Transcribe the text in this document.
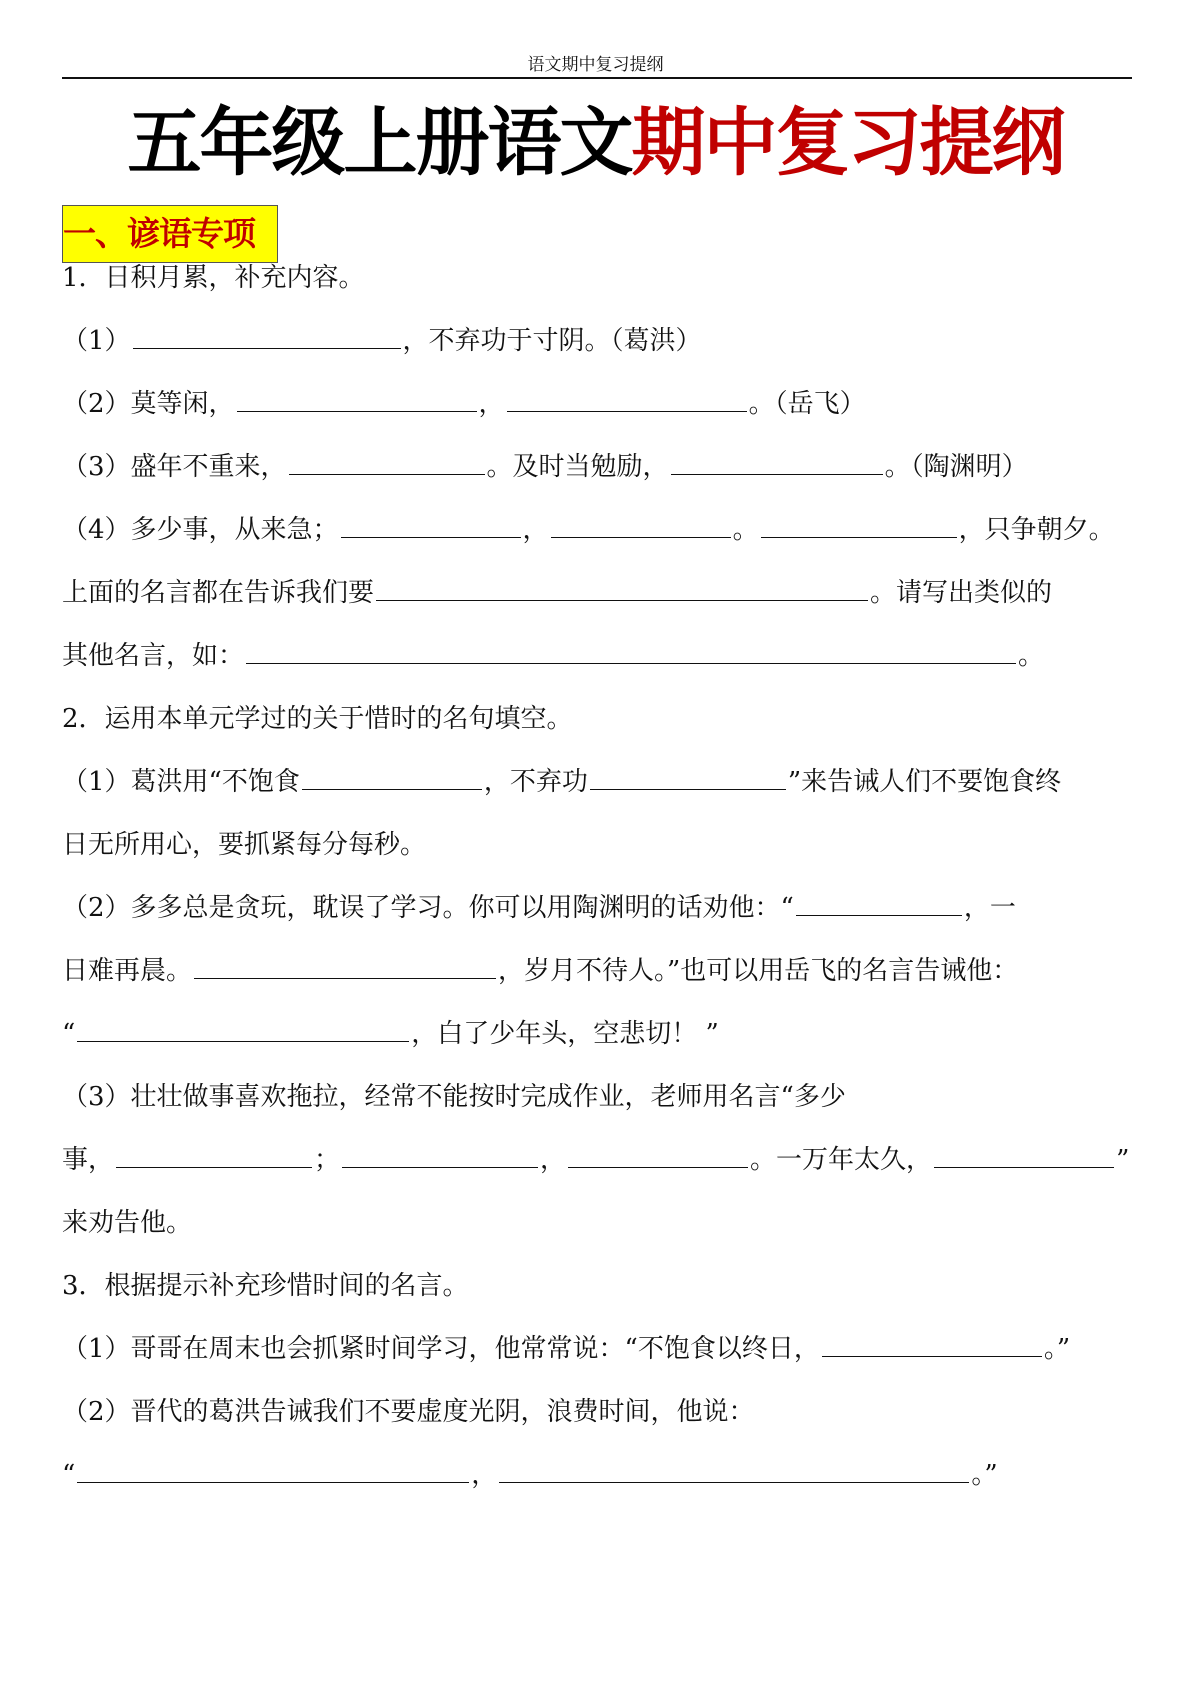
语文期中复习提纲
五年级上册语文期中复习提纲
一、谚语专项
1．日积月累，补充内容。
（1）	，不弃功于寸阴。（葛洪）
（2）莫等闲，	，	。（岳飞）
（3）盛年不重来，	。及时当勉励，	。（陶渊明）
（4）多少事，从来急；	，	。	，只争朝夕。
上面的名言都在告诉我们要	。请写出类似的
其他名言，如：	。
2．运用本单元学过的关于惜时的名句填空。
（1）葛洪用“不饱食	，不弃功	”来告诫人们不要饱食终
日无所用心，要抓紧每分每秒。
（2）多多总是贪玩，耽误了学习。你可以用陶渊明的话劝他：“	，一
日难再晨。	，岁月不待人。”也可以用岳飞的名言告诫他：
“	，白了少年头，空悲切！ ”
（3）壮壮做事喜欢拖拉，经常不能按时完成作业，老师用名言“多少
事，	；	，	。一万年太久，	”
来劝告他。
3．根据提示补充珍惜时间的名言。
（1）哥哥在周末也会抓紧时间学习，他常常说：“不饱食以终日，	。”
（2）晋代的葛洪告诫我们不要虚度光阴，浪费时间，他说：
“	，	。”
